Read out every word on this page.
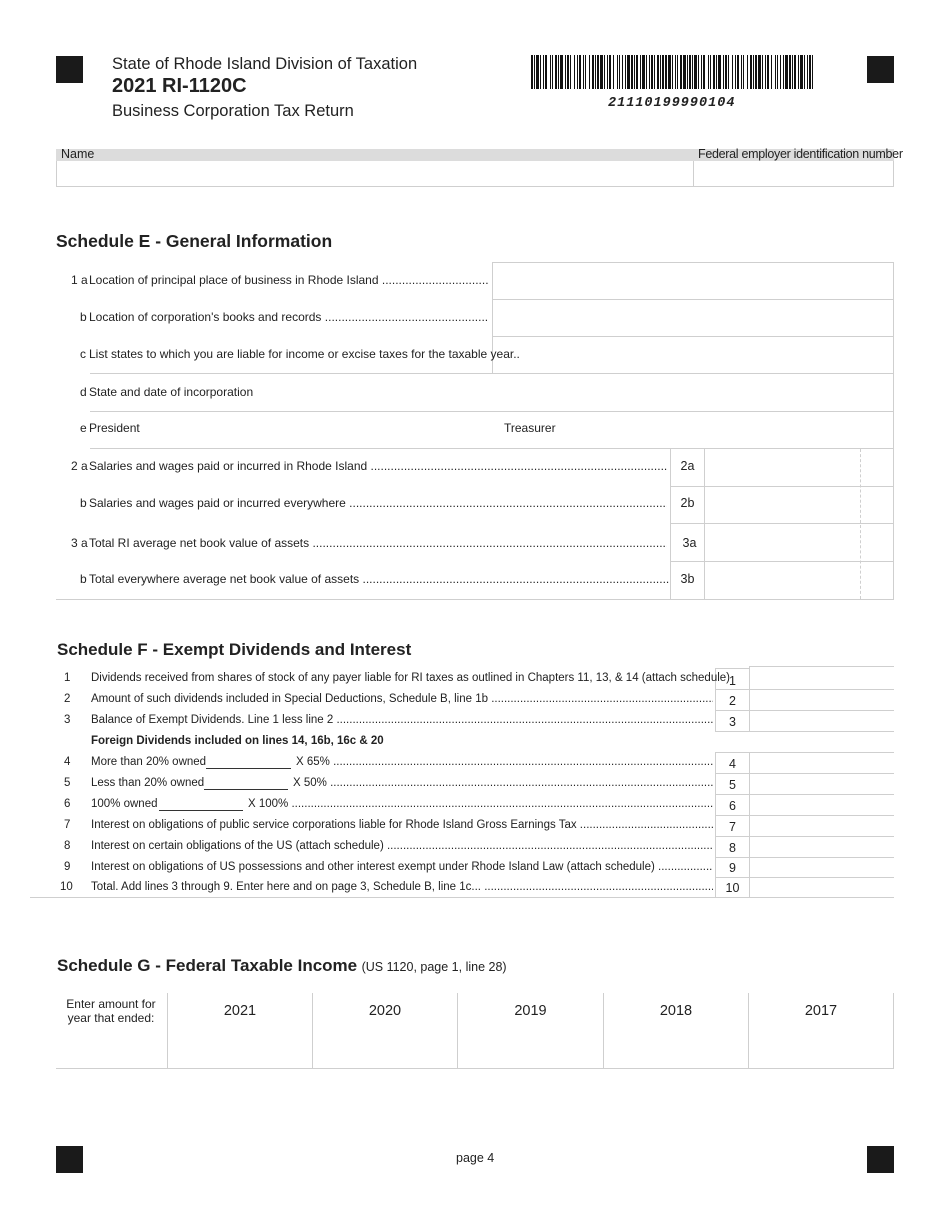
State of Rhode Island Division of Taxation
2021 RI-1120C
Business Corporation Tax Return	21110199990104
Name	Federal employer identification number
Schedule E - General Information
1 a Location of principal place of business in Rhode Island .....
b Location of corporation's books and records .....
c List states to which you are liable for income or excise taxes for the taxable year..
d State and date of incorporation
e President	Treasurer
2 a Salaries and wages paid or incurred in Rhode Island .....	2a
b Salaries and wages paid or incurred everywhere .....	2b
3 a Total RI average net book value of assets .....	3a
b Total everywhere average net book value of assets .....	3b
Schedule F - Exempt Dividends and Interest
1 Dividends received from shares of stock of any payer liable for RI taxes as outlined in Chapters 11, 13, & 14 (attach schedule) 1
2 Amount of such dividends included in Special Deductions, Schedule B, line 1b .....	2
3 Balance of Exempt Dividends. Line 1 less line 2 .....	3
Foreign Dividends included on lines 14, 16b, 16c & 20
4 More than 20% owned	X 65% .....	4
5 Less than 20% owned	X 50% .....	5
6 100% owned	X 100% .....	6
7 Interest on obligations of public service corporations liable for Rhode Island Gross Earnings Tax .....	7
8 Interest on certain obligations of the US (attach schedule) .....	8
9 Interest on obligations of US possessions and other interest exempt under Rhode Island Law (attach schedule) .....	9
10 Total. Add lines 3 through 9. Enter here and on page 3, Schedule B, line 1c... .....	10
Schedule G - Federal Taxable Income (US 1120, page 1, line 28)
Enter amount for
year that ended:	2021	2020	2019	2018	2017
page 4
